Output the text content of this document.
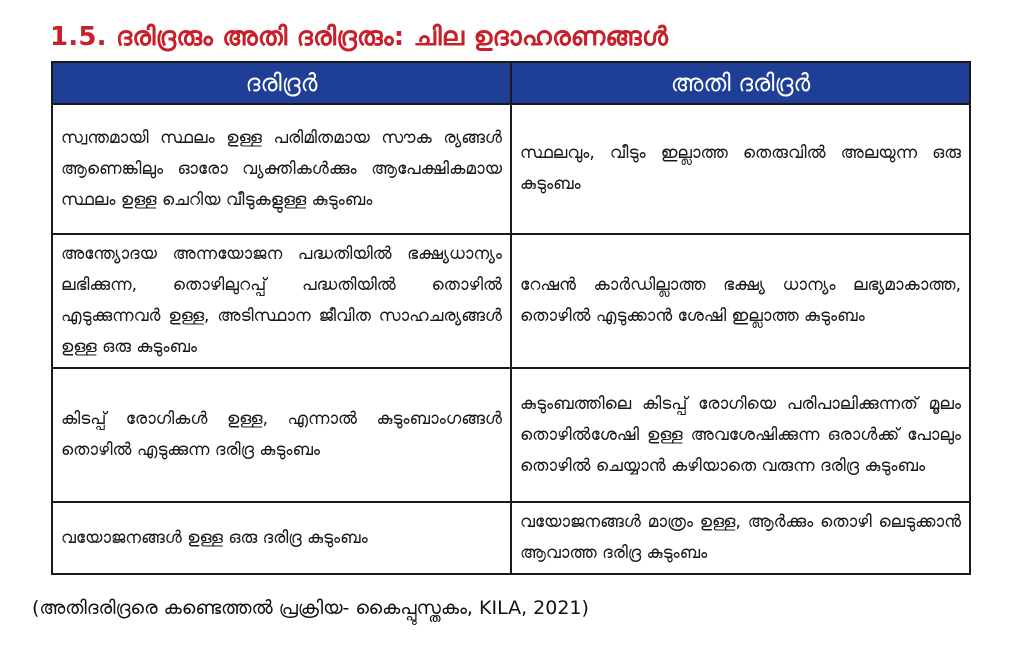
1.5. ദരിദ്രരും അതി ദരിദ്രരും: ചില ഉദാഹരണങ്ങൾ
ദരിദ്രർ	അതി ദരിദ്രർ
സ്വന്തമായി സ്ഥലം ഉള്ള പരിമിതമായ സൗക ര്യങ്ങൾ ആണെങ്കിലും ഓരോ വ്യക്തികൾക്കും ആപേക്ഷികമായ സ്ഥലം ഉള്ള ചെറിയ വീടുകളുള്ള കുടുംബം	സ്ഥലവും, വീടും ഇല്ലാത്ത തെരുവിൽ അലയുന്ന ഒരു കുടുംബം
അന്ത്യോദയ അന്നയോജന പദ്ധതിയിൽ ഭക്ഷ്യധാന്യം ലഭിക്കുന്ന, തൊഴിലുറപ്പ് പദ്ധതിയിൽ തൊഴിൽ എടുക്കുന്നവർ ഉള്ള, അടിസ്ഥാന ജീവിത സാഹചര്യങ്ങൾ ഉള്ള ഒരു കുടുംബം	റേഷൻ കാർഡില്ലാത്ത ഭക്ഷ്യ ധാന്യം ലഭ്യമാകാത്ത, തൊഴിൽ എടുക്കാൻ ശേഷി ഇല്ലാത്ത കുടുംബം
കിടപ്പ് രോഗികൾ ഉള്ള, എന്നാൽ കുടുംബാംഗങ്ങൾ തൊഴിൽ എടുക്കുന്ന ദരിദ്ര കുടുംബം	കുടുംബത്തിലെ കിടപ്പ് രോഗിയെ പരിപാലിക്കുന്നത് മൂലം തൊഴിൽശേഷി ഉള്ള അവശേഷിക്കുന്ന ഒരാൾക്ക് പോലും തൊഴിൽ ചെയ്യാൻ കഴിയാതെ വരുന്ന ദരിദ്ര കുടുംബം
വയോജനങ്ങൾ ഉള്ള ഒരു ദരിദ്ര കുടുംബം	വയോജനങ്ങൾ മാത്രം ഉള്ള, ആർക്കും തൊഴി ലെടുക്കാൻ ആവാത്ത ദരിദ്ര കുടുംബം
(അതിദരിദ്രരെ കണ്ടെത്തൽ പ്രക്രിയ- കൈപ്പുസ്തകം, KILA, 2021)
